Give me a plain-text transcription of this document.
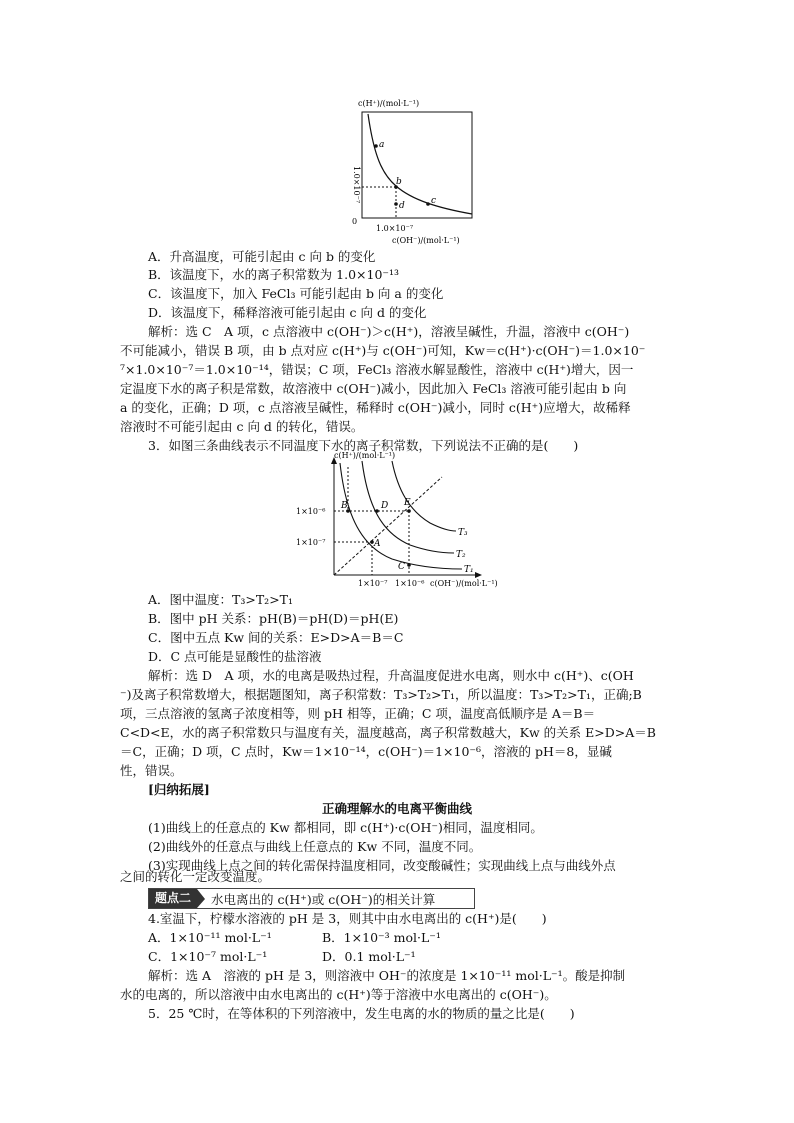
c(H⁺)/(mol·L⁻¹)
a
b
c
d
1.0×10⁻⁷
0
1.0×10⁻⁷
c(OH⁻)/(mol·L⁻¹)
A．升高温度，可能引起由 c 向 b 的变化
B．该温度下，水的离子积常数为 1.0×10⁻¹³
C．该温度下，加入 FeCl₃ 可能引起由 b 向 a 的变化
D．该温度下，稀释溶液可能引起由 c 向 d 的变化
解析：选 C　A 项，c 点溶液中 c(OH⁻)＞c(H⁺)，溶液呈碱性，升温，溶液中 c(OH⁻)
不可能减小，错误 B 项，由 b 点对应 c(H⁺)与 c(OH⁻)可知，Kw＝c(H⁺)·c(OH⁻)＝1.0×10⁻
⁷×1.0×10⁻⁷＝1.0×10⁻¹⁴，错误；C 项，FeCl₃ 溶液水解显酸性，溶液中 c(H⁺)增大，因一
定温度下水的离子积是常数，故溶液中 c(OH⁻)减小，因此加入 FeCl₃ 溶液可能引起由 b 向
a 的变化，正确；D 项，c 点溶液呈碱性，稀释时 c(OH⁻)减小，同时 c(H⁺)应增大，故稀释
溶液时不可能引起由 c 向 d 的转化，错误。
3．如图三条曲线表示不同温度下水的离子积常数，下列说法不正确的是(　　)
c(H⁺)/(mol·L⁻¹)
B	D E
A
C
T₃
T₂
T₁
1×10⁻⁶
1×10⁻⁷
1×10⁻⁷ 1×10⁻⁶ c(OH⁻)/(mol·L⁻¹)
A．图中温度：T₃>T₂>T₁
B．图中 pH 关系：pH(B)＝pH(D)＝pH(E)
C．图中五点 Kw 间的关系：E>D>A＝B＝C
D．C 点可能是显酸性的盐溶液
解析：选 D　A 项，水的电离是吸热过程，升高温度促进水电离，则水中 c(H⁺)、c(OH
⁻)及离子积常数增大，根据题图知，离子积常数：T₃>T₂>T₁，所以温度：T₃>T₂>T₁，正确;B
项，三点溶液的氢离子浓度相等，则 pH 相等，正确；C 项，温度高低顺序是 A＝B＝
C<D<E，水的离子积常数只与温度有关，温度越高，离子积常数越大，Kw 的关系 E>D>A＝B
＝C，正确；D 项，C 点时，Kw＝1×10⁻¹⁴，c(OH⁻)＝1×10⁻⁶，溶液的 pH＝8，显碱
性，错误。
[归纳拓展]
正确理解水的电离平衡曲线
(1)曲线上的任意点的 Kw 都相同，即 c(H⁺)·c(OH⁻)相同，温度相同。
(2)曲线外的任意点与曲线上任意点的 Kw 不同，温度不同。
(3)实现曲线上点之间的转化需保持温度相同，改变酸碱性；实现曲线上点与曲线外点
题点二	水电离出的 c(H⁺)或 c(OH⁻)的相关计算
之间的转化一定改变温度。
4.室温下，柠檬水溶液的 pH 是 3，则其中由水电离出的 c(H⁺)是(　　)
A．1×10⁻¹¹ mol·L⁻¹	B．1×10⁻³ mol·L⁻¹
C．1×10⁻⁷ mol·L⁻¹	D．0.1 mol·L⁻¹
解析：选 A　溶液的 pH 是 3，则溶液中 OH⁻的浓度是 1×10⁻¹¹ mol·L⁻¹。酸是抑制
水的电离的，所以溶液中由水电离出的 c(H⁺)等于溶液中水电离出的 c(OH⁻)。
5．25 ℃时，在等体积的下列溶液中，发生电离的水的物质的量之比是(　　)
